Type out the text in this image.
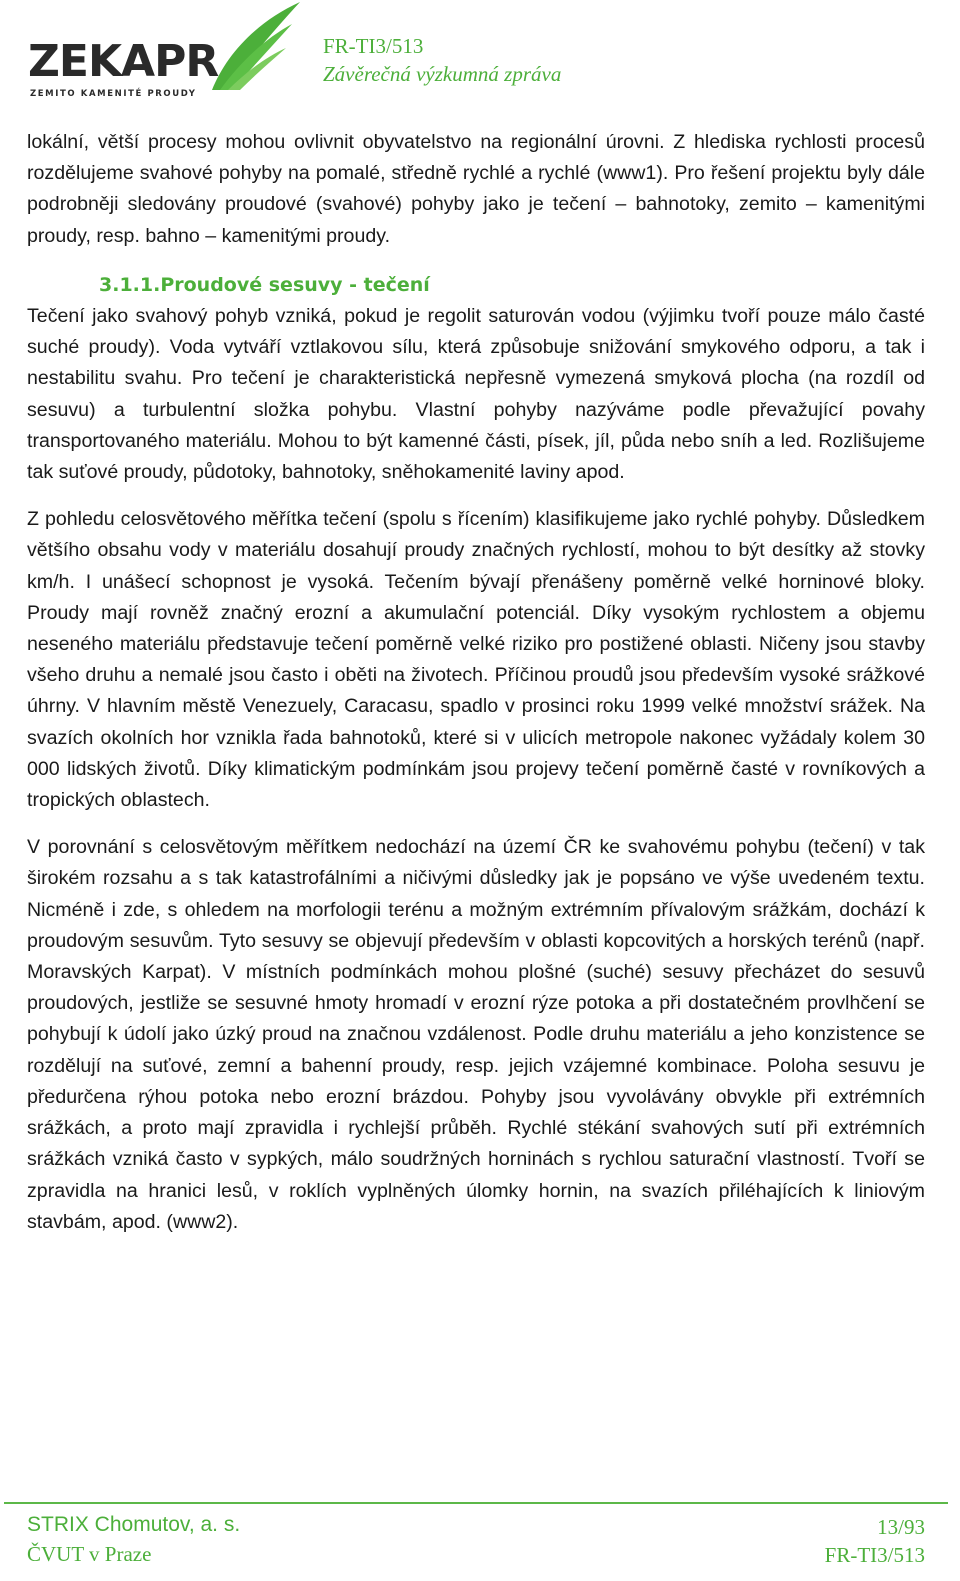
ZEKAPR
ZEMITO KAMENITÉ PROUDY
FR-TI3/513
Závěrečná výzkumná zpráva

lokální, větší procesy mohou ovlivnit obyvatelstvo na regionální úrovni. Z hlediska rychlosti procesů rozdělujeme svahové pohyby na pomalé, středně rychlé a rychlé (www1). Pro řešení projektu byly dále podrobněji sledovány proudové (svahové) pohyby jako je tečení – bahnotoky, zemito – kamenitými proudy, resp. bahno – kamenitými proudy.

3.1.1.Proudové sesuvy - tečení

Tečení jako svahový pohyb vzniká, pokud je regolit saturován vodou (výjimku tvoří pouze málo časté suché proudy). Voda vytváří vztlakovou sílu, která způsobuje snižování smykového odporu, a tak i nestabilitu svahu. Pro tečení je charakteristická nepřesně vymezená smyková plocha (na rozdíl od sesuvu) a turbulentní složka pohybu. Vlastní pohyby nazýváme podle převažující povahy transportovaného materiálu. Mohou to být kamenné části, písek, jíl, půda nebo sníh a led. Rozlišujeme tak suťové proudy, půdotoky, bahnotoky, sněhokamenité laviny apod.

Z pohledu celosvětového měřítka tečení (spolu s řícením) klasifikujeme jako rychlé pohyby. Důsledkem většího obsahu vody v materiálu dosahují proudy značných rychlostí, mohou to být desítky až stovky km/h. I unášecí schopnost je vysoká. Tečením bývají přenášeny poměrně velké horninové bloky. Proudy mají rovněž značný erozní a akumulační potenciál. Díky vysokým rychlostem a objemu neseného materiálu představuje tečení poměrně velké riziko pro postižené oblasti. Ničeny jsou stavby všeho druhu a nemalé jsou často i oběti na životech. Příčinou proudů jsou především vysoké srážkové úhrny. V hlavním městě Venezuely, Caracasu, spadlo v prosinci roku 1999 velké množství srážek. Na svazích okolních hor vznikla řada bahnotoků, které si v ulicích metropole nakonec vyžádaly kolem 30 000 lidských životů. Díky klimatickým podmínkám jsou projevy tečení poměrně časté v rovníkových a tropických oblastech.

V porovnání s celosvětovým měřítkem nedochází na území ČR ke svahovému pohybu (tečení) v tak širokém rozsahu a s tak katastrofálními a ničivými důsledky jak je popsáno ve výše uvedeném textu. Nicméně i zde, s ohledem na morfologii terénu a možným extrémním přívalovým srážkám, dochází k proudovým sesuvům. Tyto sesuvy se objevují především v oblasti kopcovitých a horských terénů (např. Moravských Karpat). V místních podmínkách mohou plošné (suché) sesuvy přecházet do sesuvů proudových, jestliže se sesuvné hmoty hromadí v erozní rýze potoka a při dostatečném provlhčení se pohybují k údolí jako úzký proud na značnou vzdálenost. Podle druhu materiálu a jeho konzistence se rozdělují na suťové, zemní a bahenní proudy, resp. jejich vzájemné kombinace. Poloha sesuvu je předurčena rýhou potoka nebo erozní brázdou. Pohyby jsou vyvolávány obvykle při extrémních srážkách, a proto mají zpravidla i rychlejší průběh. Rychlé stékání svahových sutí při extrémních srážkách vzniká často v sypkých, málo soudržných horninách s rychlou saturační vlastností. Tvoří se zpravidla na hranici lesů, v roklích vyplněných úlomky hornin, na svazích přiléhajících k liniovým stavbám, apod. (www2).

STRIX Chomutov, a. s.
ČVUT v Praze
13/93
FR-TI3/513
